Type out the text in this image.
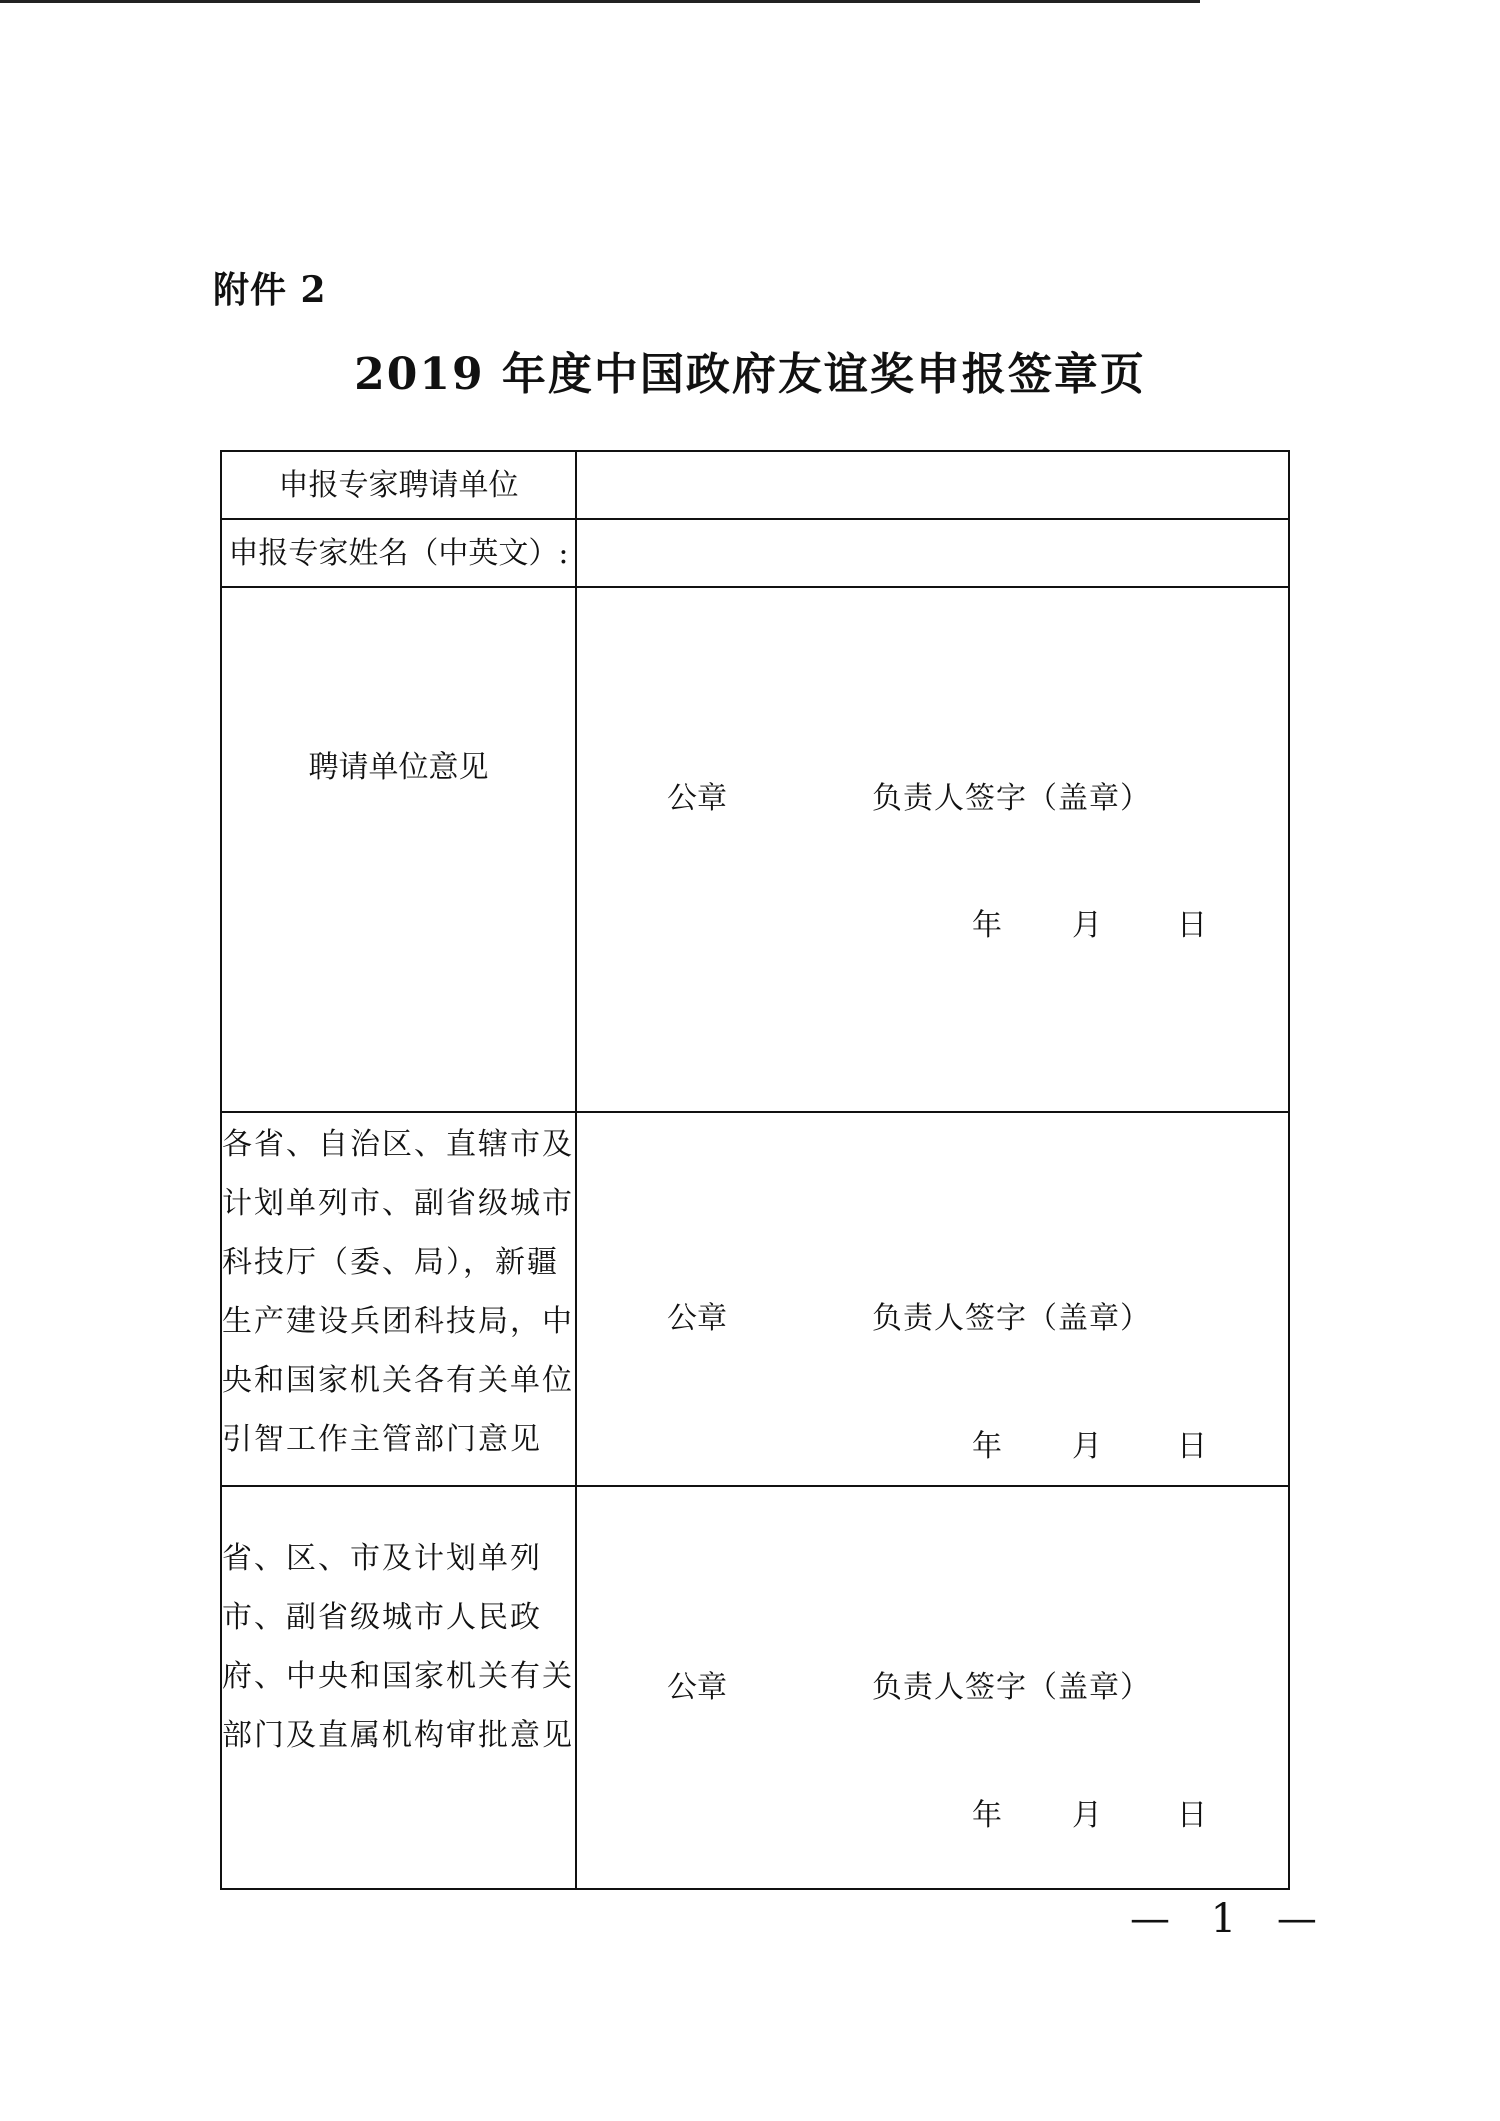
附件 2
2019 年度中国政府友谊奖申报签章页
申报专家聘请单位	
申报专家姓名（中英文）:	
聘请单位意见	公章 负责人签字（盖章）
年 月 日

各省、自治区、直辖市及计划单列市、副省级城市科技厅（委、局），新疆生产建设兵团科技局，中央和国家机关各有关单位引智工作主管部门意见	公章 负责人签字（盖章）
年 月 日

省、区、市及计划单列市、副省级城市人民政府、中央和国家机关有关部门及直属机构审批意见	公章 负责人签字（盖章）
年 月 日
— 1 —
